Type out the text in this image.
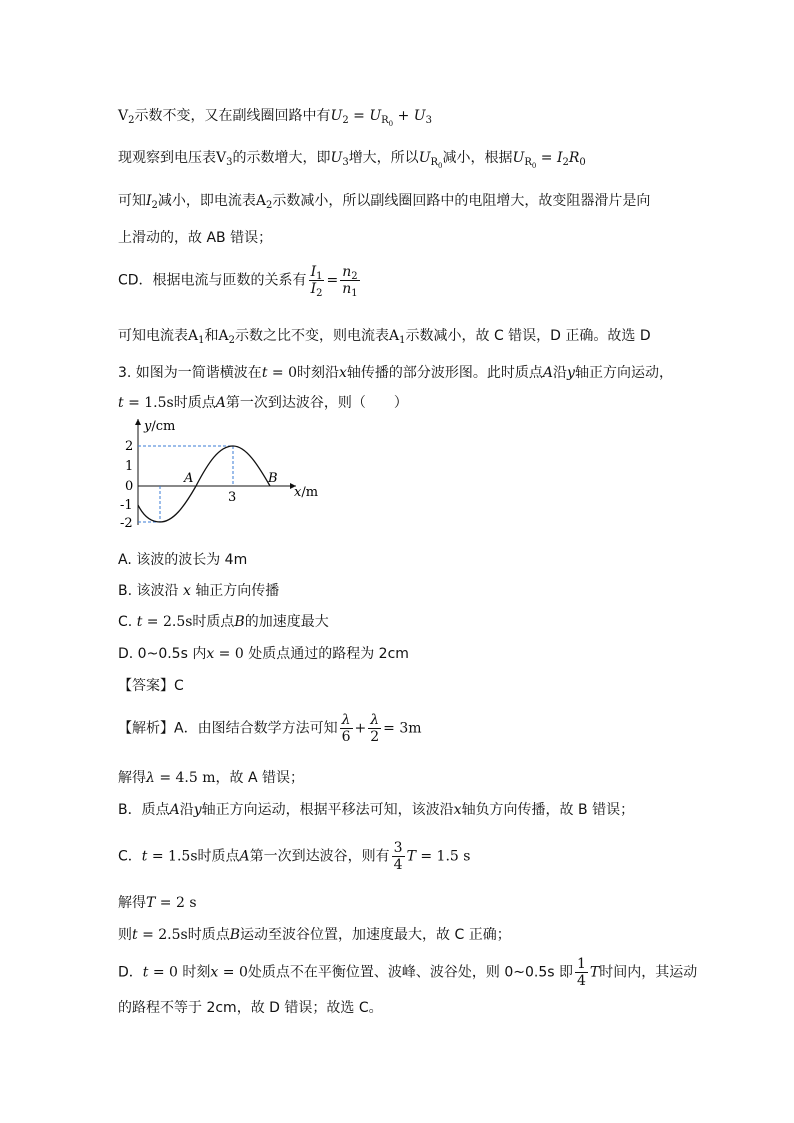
$V_2$示数不变，又在副线圈回路中有$U_2 = U_{R_0} + U_3$
现观察到电压表$V_3$的示数增大，即$U_3$增大，所以$U_{R_0}$减小，根据$U_{R_0} = I_2R_0$
可知$I_2$减小，即电流表$A_2$示数减小，所以副线圈回路中的电阻增大，故变阻器滑片是向
上滑动的，故 AB 错误；
CD．根据电流与匝数的关系有 $\frac{I_1}{I_2} = \frac{n_2}{n_1}$
可知电流表$A_1$和$A_2$示数之比不变，则电流表$A_1$示数减小，故 C 错误，D 正确。故选 D
3. 如图为一简谐横波在t = 0时刻沿x轴传播的部分波形图。此时质点A沿y轴正方向运动，
t = 1.5s时质点A第一次到达波谷，则（　　）
y/cm
2
1
0
-1
-2
3
A	B
x/m
A. 该波的波长为 4m
B. 该波沿 x 轴正方向传播
C. t = 2.5s时质点B的加速度最大
D. 0~0.5s 内x = 0 处质点通过的路程为 2cm
【答案】C
【解析】A．由图结合数学方法可知 $\frac{\lambda}{6} + \frac{\lambda}{2} = 3m$
解得λ = 4.5 m，故 A 错误；
B．质点A沿y轴正方向运动，根据平移法可知，该波沿x轴负方向传播，故 B 错误；
C．t = 1.5s时质点A第一次到达波谷，则有 $\frac{3}{4}$ T = 1.5 s
解得T = 2 s
则t = 2.5s时质点B运动至波谷位置，加速度最大，故 C 正确；
D．t = 0 时刻x = 0处质点不在平衡位置、波峰、波谷处，则 0~0.5s 即 $\frac{1}{4}$ T时间内，其运动
的路程不等于 2cm，故 D 错误；故选 C。
